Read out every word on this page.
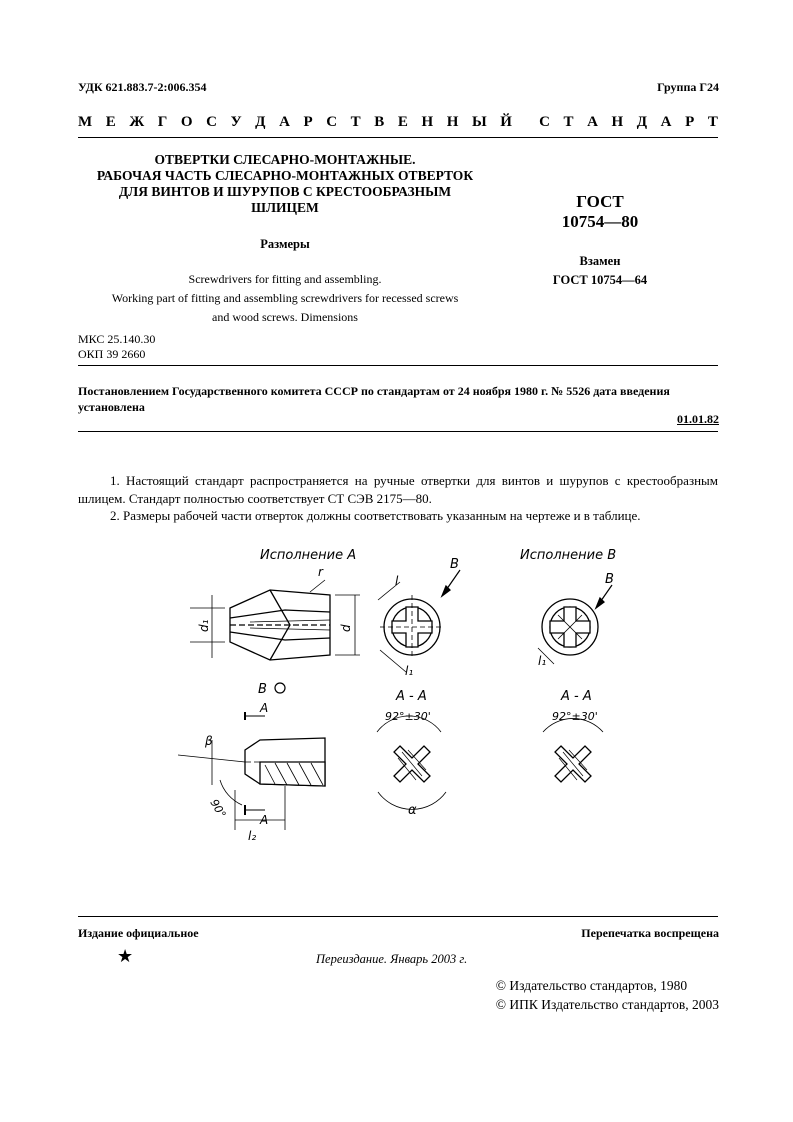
УДК 621.883.7-2:006.354	Группа Г24
М Е Ж Г О С У Д А Р С Т В Е Н Н Ы Й С Т А Н Д А Р Т
ОТВЕРТКИ СЛЕСАРНО-МОНТАЖНЫЕ.
РАБОЧАЯ ЧАСТЬ СЛЕСАРНО-МОНТАЖНЫХ ОТВЕРТОК
ДЛЯ ВИНТОВ И ШУРУПОВ С КРЕСТООБРАЗНЫМ
ШЛИЦЕМ
Размеры
Screwdrivers for fitting and assembling.
Working part of fitting and assembling screwdrivers for recessed screws
and wood screws. Dimensions
МКС 25.140.30
ОКП 39 2660
ГОСТ
10754—80
Взамен
ГОСТ 10754—64
Постановлением Государственного комитета СССР по стандартам от 24 ноября 1980 г. № 5526 дата введения установлена
01.01.82
1. Настоящий стандарт распространяется на ручные отвертки для винтов и шурупов с крестообразным шлицем. Стандарт полностью соответствует СТ СЭВ 2175—80.
2. Размеры рабочей части отверток должны соответствовать указанным на чертеже и в таблице.
Исполнение А	Исполнение В
d₁	d
r	В
l
l₁
В
l₁
В
А
А
β
90°
l₂
А - А
92°±30'
α
А - А
92°±30'
Издание официальное	Перепечатка воспрещена
★	Переиздание. Январь 2003 г.
© Издательство стандартов, 1980
© ИПК Издательство стандартов, 2003
